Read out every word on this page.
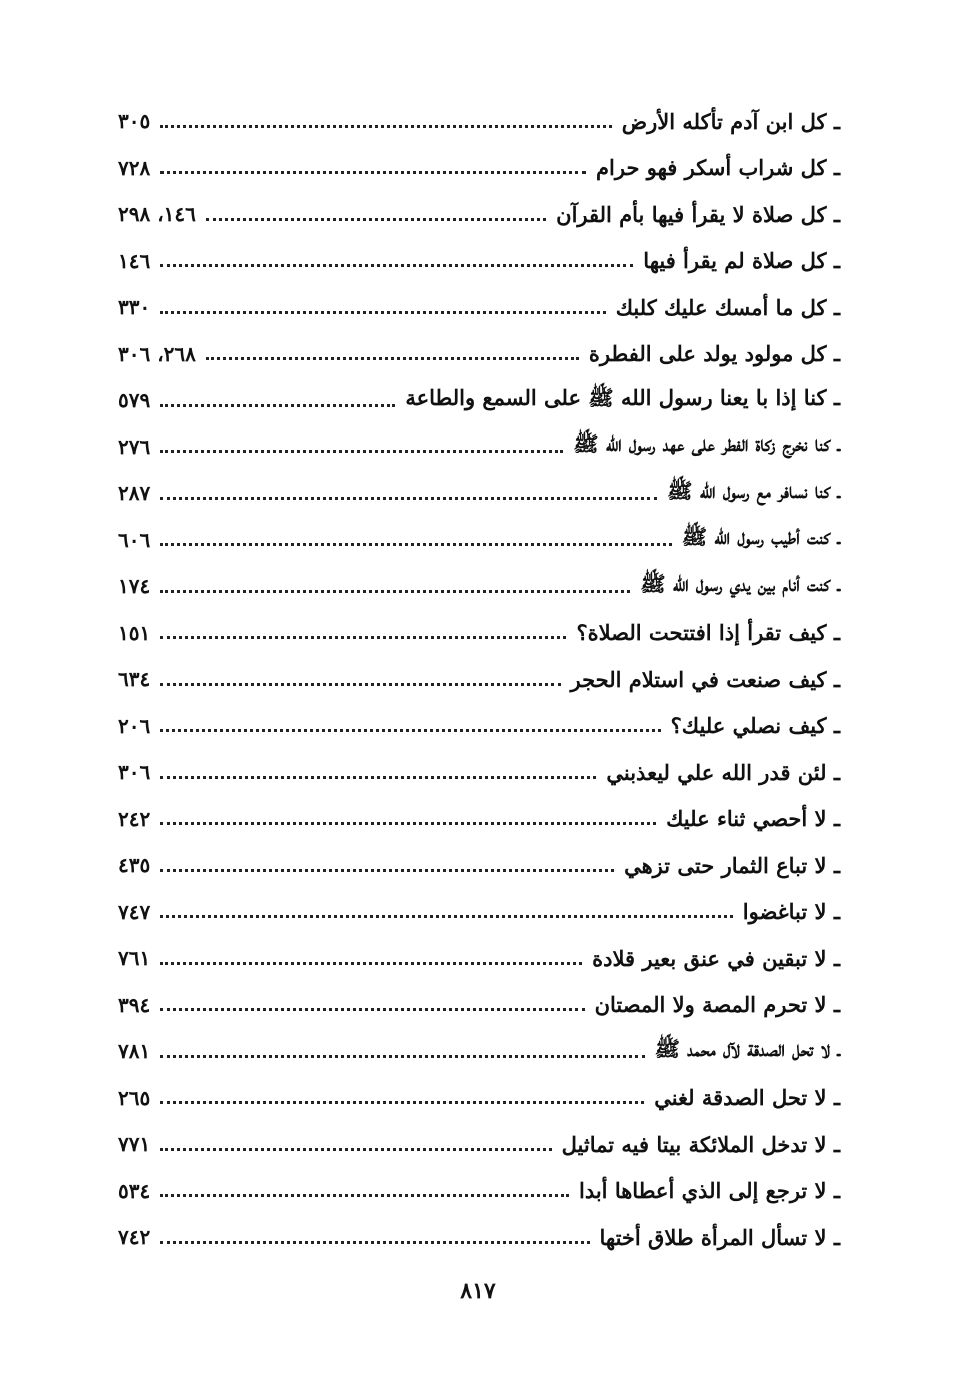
ـ كل ابن آدم تأكله الأرض
٣٠٥
ـ كل شراب أسكر فهو حرام
٧٢٨
ـ كل صلاة لا يقرأ فيها بأم القرآن
١٤٦، ٢٩٨
ـ كل صلاة لم يقرأ فيها
١٤٦
ـ كل ما أمسك عليك كلبك
٣٣٠
ـ كل مولود يولد على الفطرة
٢٦٨، ٣٠٦
ـ كنا إذا با يعنا رسول الله ﷺ على السمع والطاعة
٥٧٩
ـ كنا نخرج زكاة الفطر على عهد رسول الله ﷺ
٢٧٦
ـ كنا نسافر مع رسول الله ﷺ
٢٨٧
ـ كنت أطيب رسول الله ﷺ
٦٠٦
ـ كنت أنام بين يدي رسول الله ﷺ
١٧٤
ـ كيف تقرأ إذا افتتحت الصلاة؟
١٥١
ـ كيف صنعت في استلام الحجر
٦٣٤
ـ كيف نصلي عليك؟
٢٠٦
ـ لئن قدر الله علي ليعذبني
٣٠٦
ـ لا أحصي ثناء عليك
٢٤٢
ـ لا تباع الثمار حتى تزهي
٤٣٥
ـ لا تباغضوا
٧٤٧
ـ لا تبقين في عنق بعير قلادة
٧٦١
ـ لا تحرم المصة ولا المصتان
٣٩٤
ـ لا تحل الصدقة لآل محمد ﷺ
٧٨١
ـ لا تحل الصدقة لغني
٢٦٥
ـ لا تدخل الملائكة بيتا فيه تماثيل
٧٧١
ـ لا ترجع إلى الذي أعطاها أبدا
٥٣٤
ـ لا تسأل المرأة طلاق أختها
٧٤٢
٨١٧
